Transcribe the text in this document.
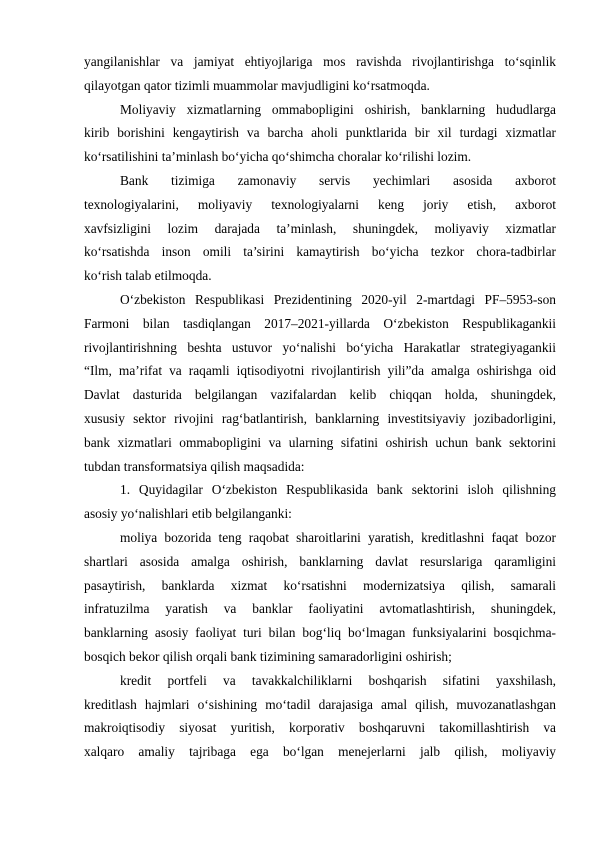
yangilanishlar va jamiyat ehtiyojlariga mos ravishda rivojlantirishga to‘sqinlik
qilayotgan qator tizimli muammolar mavjudligini ko‘rsatmoqda.
Moliyaviy xizmatlarning ommabopligini oshirish, banklarning hududlarga
kirib borishini kengaytirish va barcha aholi punktlarida bir xil turdagi xizmatlar
ko‘rsatilishini ta’minlash bo‘yicha qo‘shimcha choralar ko‘rilishi lozim.
Bank tizimiga zamonaviy servis yechimlari asosida axborot
texnologiyalarini, moliyaviy texnologiyalarni keng joriy etish, axborot
xavfsizligini lozim darajada ta’minlash, shuningdek, moliyaviy xizmatlar
ko‘rsatishda inson omili ta’sirini kamaytirish bo‘yicha tezkor chora-tadbirlar
ko‘rish talab etilmoqda.
O‘zbekiston Respublikasi Prezidentining 2020-yil 2-martdagi PF–5953-son
Farmoni bilan tasdiqlangan 2017–2021-yillarda O‘zbekiston Respublikagankii
rivojlantirishning beshta ustuvor yo‘nalishi bo‘yicha Harakatlar strategiyagankii
“Ilm, ma’rifat va raqamli iqtisodiyotni rivojlantirish yili”da amalga oshirishga oid
Davlat dasturida belgilangan vazifalardan kelib chiqqan holda, shuningdek,
xususiy sektor rivojini rag‘batlantirish, banklarning investitsiyaviy jozibadorligini,
bank xizmatlari ommabopligini va ularning sifatini oshirish uchun bank sektorini
tubdan transformatsiya qilish maqsadida:
1. Quyidagilar O‘zbekiston Respublikasida bank sektorini isloh qilishning
asosiy yo‘nalishlari etib belgilanganki:
moliya bozorida teng raqobat sharoitlarini yaratish, kreditlashni faqat bozor
shartlari asosida amalga oshirish, banklarning davlat resurslariga qaramligini
pasaytirish, banklarda xizmat ko‘rsatishni modernizatsiya qilish, samarali
infratuzilma yaratish va banklar faoliyatini avtomatlashtirish, shuningdek,
banklarning asosiy faoliyat turi bilan bog‘liq bo‘lmagan funksiyalarini bosqichma-
bosqich bekor qilish orqali bank tizimining samaradorligini oshirish;
kredit portfeli va tavakkalchiliklarni boshqarish sifatini yaxshilash,
kreditlash hajmlari o‘sishining mo‘tadil darajasiga amal qilish, muvozanatlashgan
makroiqtisodiy siyosat yuritish, korporativ boshqaruvni takomillashtirish va
xalqaro amaliy tajribaga ega bo‘lgan menejerlarni jalb qilish, moliyaviy
